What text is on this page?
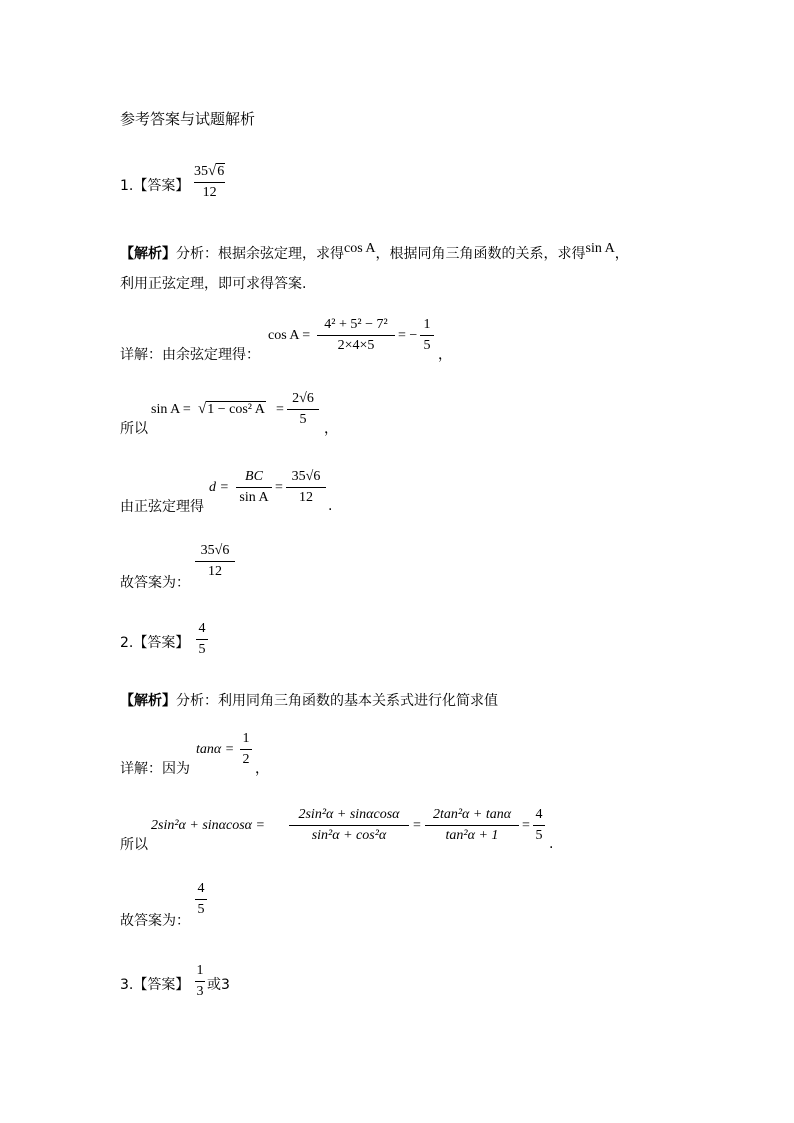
参考答案与试题解析
1.【答案】
35√6
12
【解析】分析：根据余弦定理，求得cos A，根据同角三角函数的关系，求得sin A，
利用正弦定理，即可求得答案.
详解：由余弦定理得：
cos A =
4² + 5² − 7²
2×4×5
= −
1
5
，
所以
sin A = √1 − cos² A =
2√6
5
，
由正弦定理得
d =
BC
sin A
=
35√6
12
.
故答案为：
35√6
12
2.【答案】
4
5
【解析】分析：利用同角三角函数的基本关系式进行化简求值
详解：因为
tanα =
1
2
，
所以
2sin²α + sinαcosα =
2sin²α + sinαcosα
sin²α + cos²α
=
2tan²α + tanα
tan²α + 1
=
4
5
.
故答案为：
4
5
3.【答案】
1
3 或3
